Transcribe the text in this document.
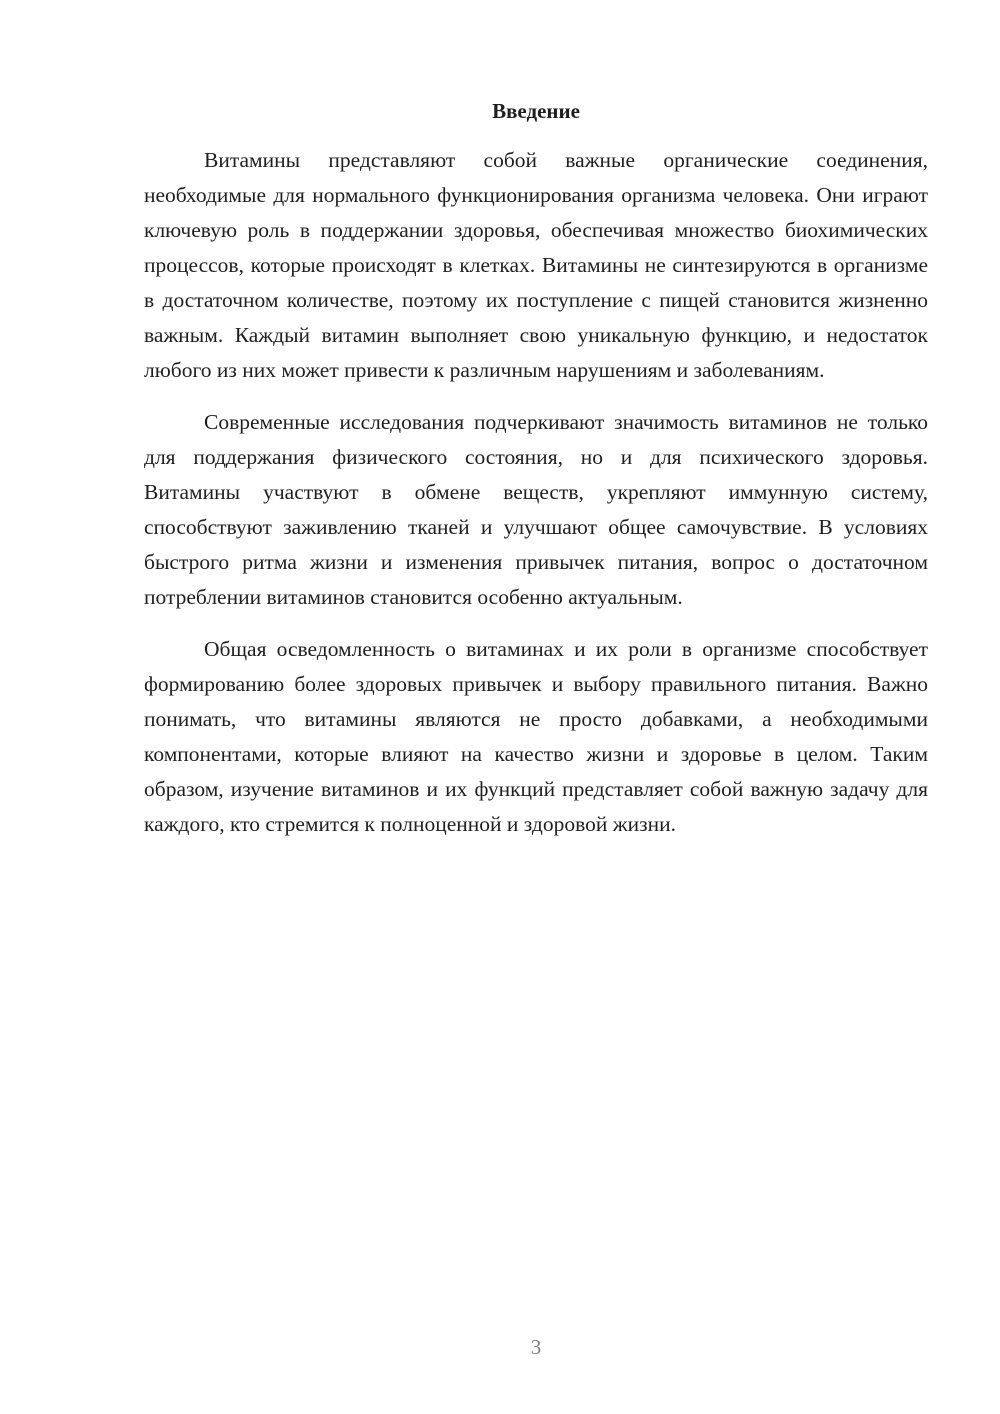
Введение

Витамины представляют собой важные органические соединения, необходимые для нормального функционирования организма человека. Они играют ключевую роль в поддержании здоровья, обеспечивая множество биохимических процессов, которые происходят в клетках. Витамины не синтезируются в организме в достаточном количестве, поэтому их поступление с пищей становится жизненно важным. Каждый витамин выполняет свою уникальную функцию, и недостаток любого из них может привести к различным нарушениям и заболеваниям.

Современные исследования подчеркивают значимость витаминов не только для поддержания физического состояния, но и для психического здоровья. Витамины участвуют в обмене веществ, укрепляют иммунную систему, способствуют заживлению тканей и улучшают общее самочувствие. В условиях быстрого ритма жизни и изменения привычек питания, вопрос о достаточном потреблении витаминов становится особенно актуальным.

Общая осведомленность о витаминах и их роли в организме способствует формированию более здоровых привычек и выбору правильного питания. Важно понимать, что витамины являются не просто добавками, а необходимыми компонентами, которые влияют на качество жизни и здоровье в целом. Таким образом, изучение витаминов и их функций представляет собой важную задачу для каждого, кто стремится к полноценной и здоровой жизни.

3
